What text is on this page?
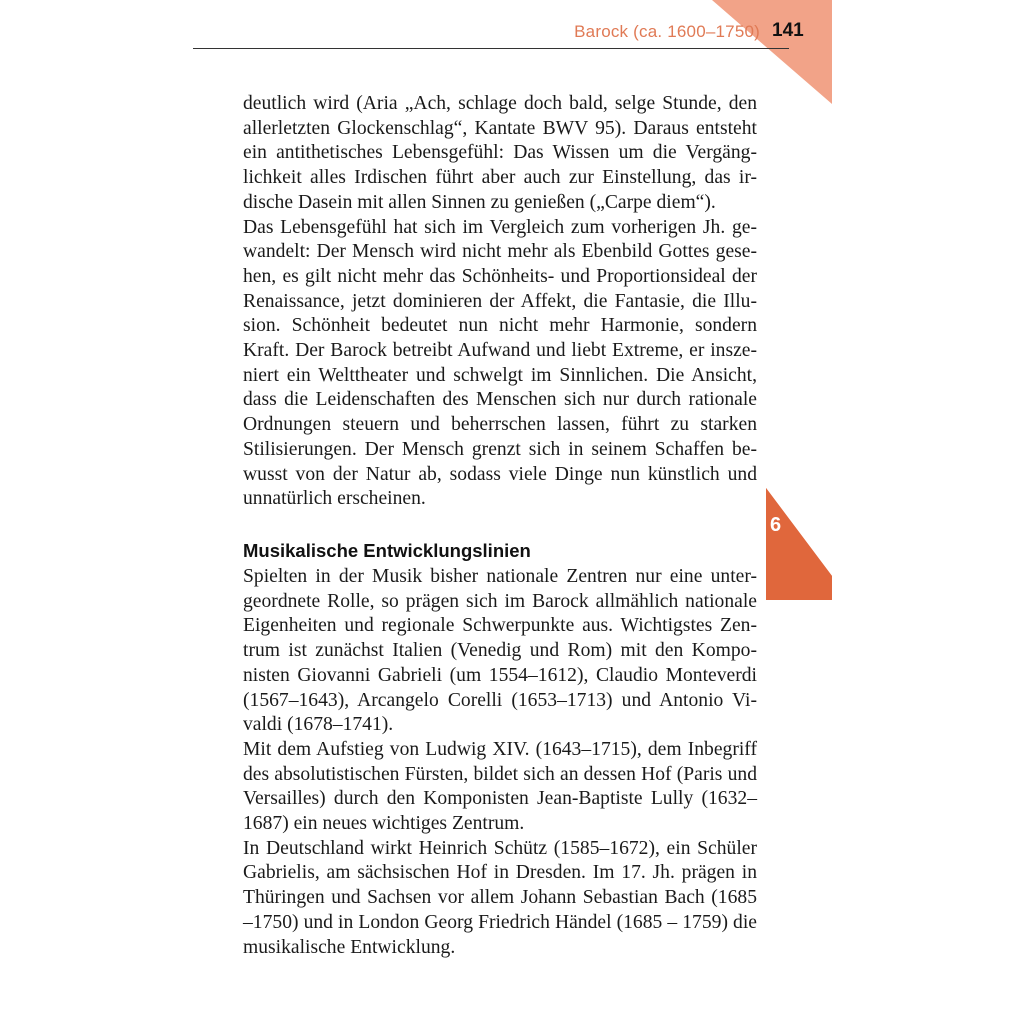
Barock (ca. 1600–1750) 141
6
deutlich wird (Aria „Ach, schlage doch bald, selge Stunde, den
allerletzten Glockenschlag“, Kantate BWV 95). Daraus entsteht
ein antithetisches Lebensgefühl: Das Wissen um die Vergäng-
lichkeit alles Irdischen führt aber auch zur Einstellung, das ir-
dische Dasein mit allen Sinnen zu genießen („Carpe diem“).
Das Lebensgefühl hat sich im Vergleich zum vorherigen Jh. ge-
wandelt: Der Mensch wird nicht mehr als Ebenbild Gottes gese-
hen, es gilt nicht mehr das Schönheits- und Proportionsideal der
Renaissance, jetzt dominieren der Affekt, die Fantasie, die Illu-
sion. Schönheit bedeutet nun nicht mehr Harmonie, sondern
Kraft. Der Barock betreibt Aufwand und liebt Extreme, er insze-
niert ein Welttheater und schwelgt im Sinnlichen. Die Ansicht,
dass die Leidenschaften des Menschen sich nur durch rationale
Ordnungen steuern und beherrschen lassen, führt zu starken
Stilisierungen. Der Mensch grenzt sich in seinem Schaffen be-
wusst von der Natur ab, sodass viele Dinge nun künstlich und
unnatürlich erscheinen.
Musikalische Entwicklungslinien
Spielten in der Musik bisher nationale Zentren nur eine unter-
geordnete Rolle, so prägen sich im Barock allmählich nationale
Eigenheiten und regionale Schwerpunkte aus. Wichtigstes Zen-
trum ist zunächst Italien (Venedig und Rom) mit den Kompo-
nisten Giovanni Gabrieli (um 1554–1612), Claudio Monteverdi
(1567–1643), Arcangelo Corelli (1653–1713) und Antonio Vi-
valdi (1678–1741).
Mit dem Aufstieg von Ludwig XIV. (1643–1715), dem Inbegriff
des absolutistischen Fürsten, bildet sich an dessen Hof (Paris und
Versailles) durch den Komponisten Jean-Baptiste Lully (1632–
1687) ein neues wichtiges Zentrum.
In Deutschland wirkt Heinrich Schütz (1585–1672), ein Schüler
Gabrielis, am sächsischen Hof in Dresden. Im 17. Jh. prägen in
Thüringen und Sachsen vor allem Johann Sebastian Bach (1685
–1750) und in London Georg Friedrich Händel (1685 – 1759) die
musikalische Entwicklung.
